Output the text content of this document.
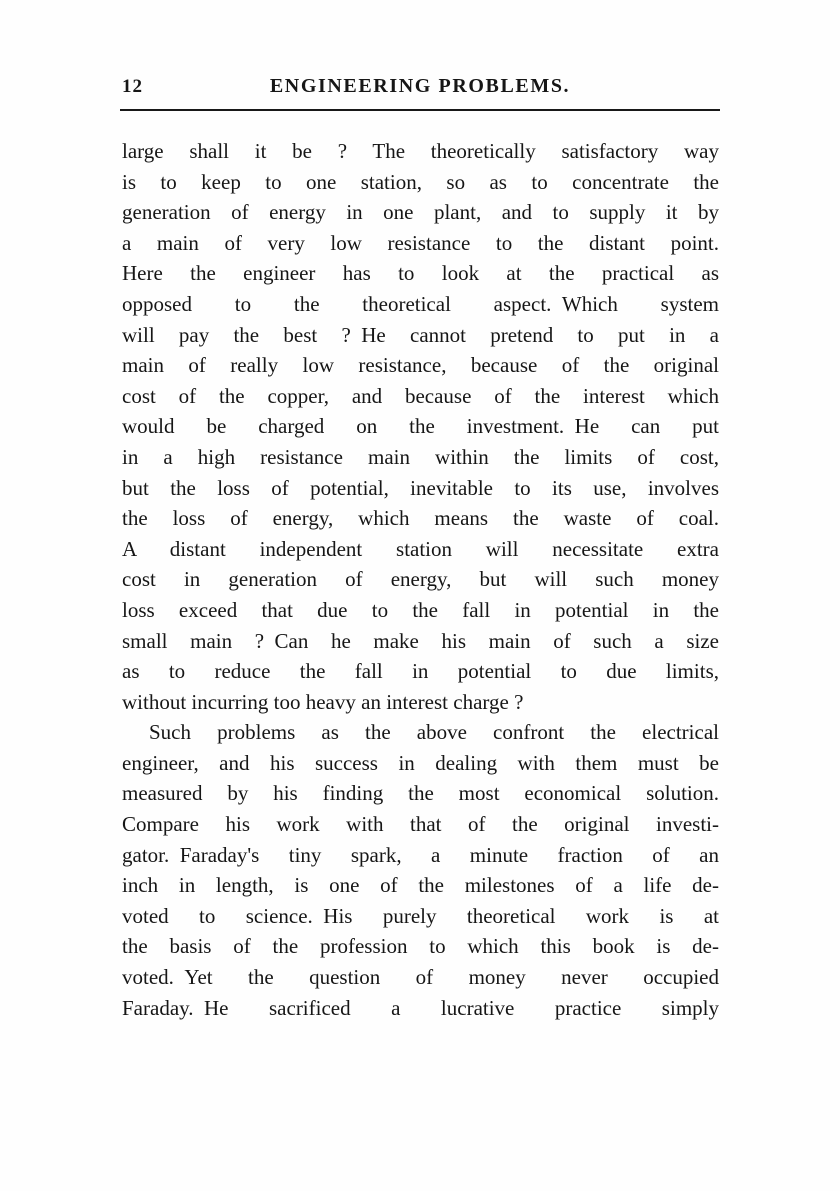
12	ENGINEERING PROBLEMS.
large shall it be ? The theoretically satisfactory way
is to keep to one station, so as to concentrate the
generation of energy in one plant, and to supply it by
a main of very low resistance to the distant point.
Here the engineer has to look at the practical as
opposed to the theoretical aspect. Which system
will pay the best ? He cannot pretend to put in a
main of really low resistance, because of the original
cost of the copper, and because of the interest which
would be charged on the investment. He can put
in a high resistance main within the limits of cost,
but the loss of potential, inevitable to its use, involves
the loss of energy, which means the waste of coal.
A distant independent station will necessitate extra
cost in generation of energy, but will such money
loss exceed that due to the fall in potential in the
small main ? Can he make his main of such a size
as to reduce the fall in potential to due limits,
without incurring too heavy an interest charge ?
Such problems as the above confront the electrical
engineer, and his success in dealing with them must be
measured by his finding the most economical solution.
Compare his work with that of the original investi-
gator. Faraday's tiny spark, a minute fraction of an
inch in length, is one of the milestones of a life de-
voted to science. His purely theoretical work is at
the basis of the profession to which this book is de-
voted. Yet the question of money never occupied
Faraday. He sacrificed a lucrative practice simply
